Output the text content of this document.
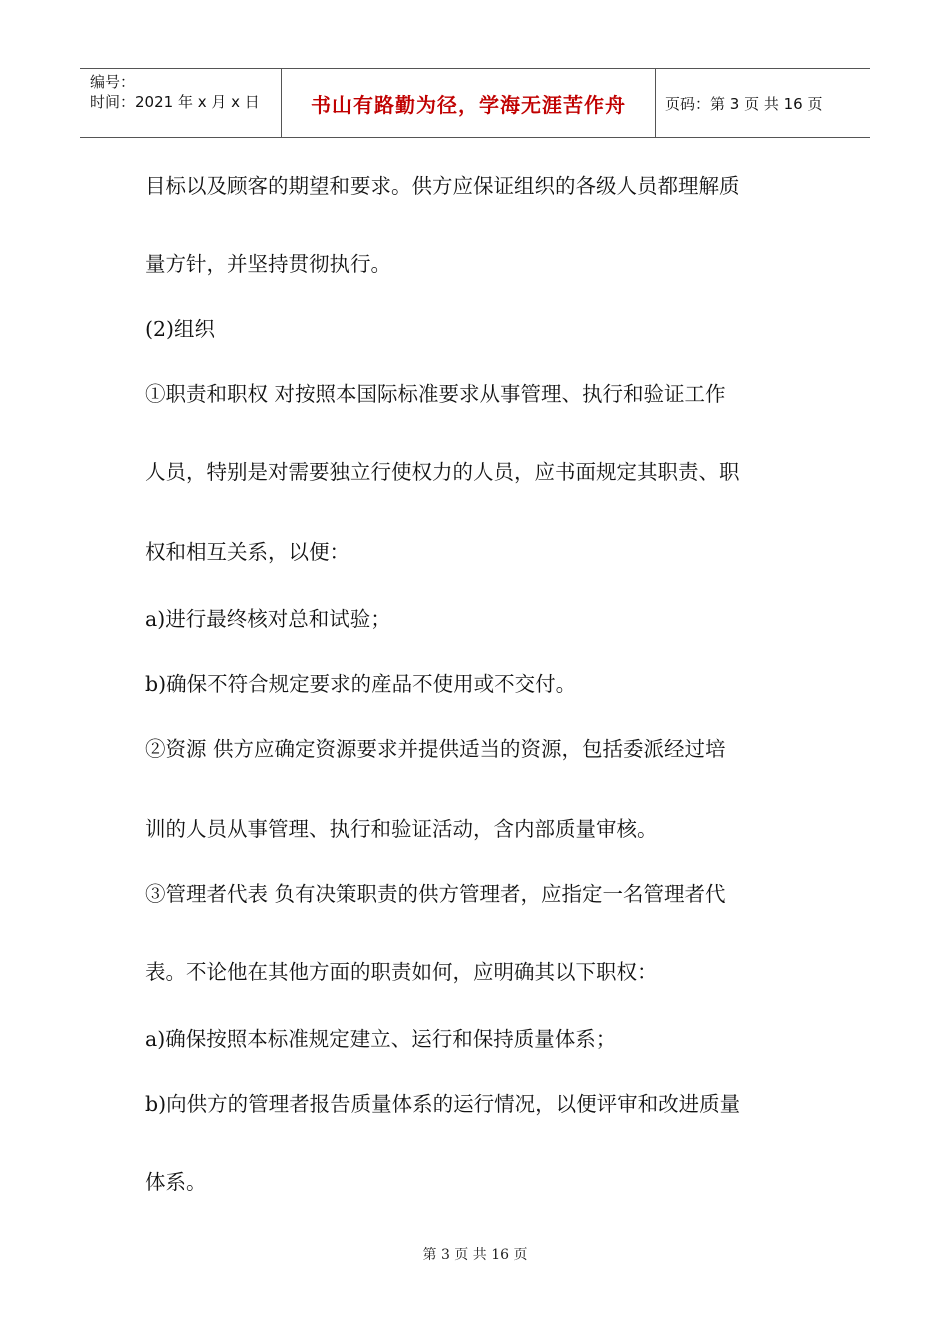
编号：
时间：2021 年 x 月 x 日	书山有路勤为径，学海无涯苦作舟	页码：第 3 页 共 16 页

目标以及顾客的期望和要求。供方应保证组织的各级人员都理解质

量方针，并坚持贯彻执行。

(2)组织

①职责和职权 对按照本国际标准要求从事管理、执行和验证工作

人员，特别是对需要独立行使权力的人员，应书面规定其职责、职

权和相互关系，以便：

a)进行最终核对总和试验；

b)确保不符合规定要求的産品不使用或不交付。

②资源 供方应确定资源要求并提供适当的资源，包括委派经过培

训的人员从事管理、执行和验证活动，含内部质量审核。

③管理者代表 负有决策职责的供方管理者，应指定一名管理者代

表。不论他在其他方面的职责如何，应明确其以下职权：

a)确保按照本标准规定建立、运行和保持质量体系；

b)向供方的管理者报告质量体系的运行情况，以便评审和改进质量

体系。

第 3 页 共 16 页
